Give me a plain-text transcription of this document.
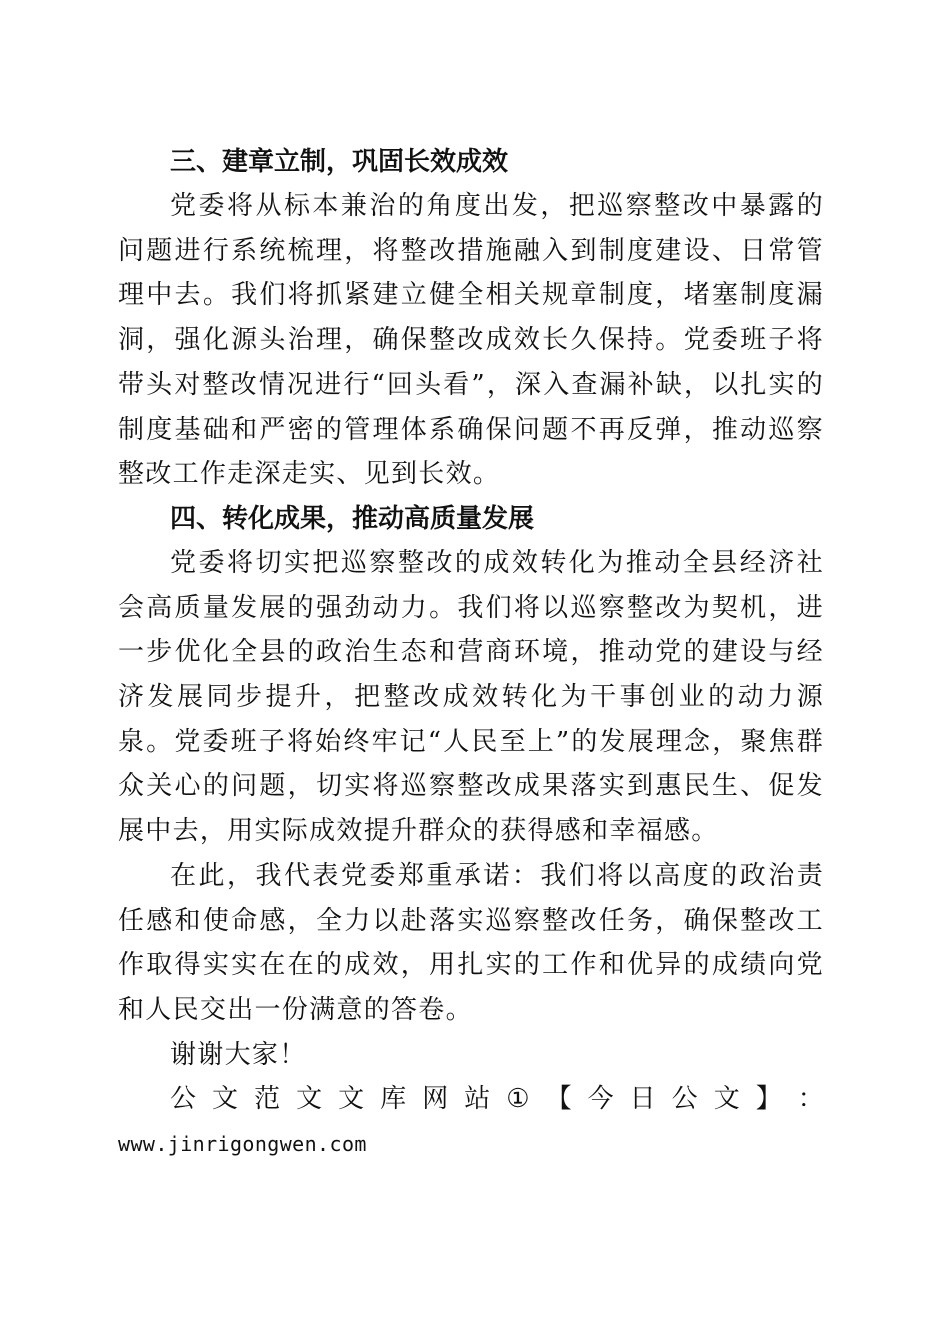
三、建章立制，巩固长效成效

党委将从标本兼治的角度出发，把巡察整改中暴露的问题进行系统梳理，将整改措施融入到制度建设、日常管理中去。我们将抓紧建立健全相关规章制度，堵塞制度漏洞，强化源头治理，确保整改成效长久保持。党委班子将带头对整改情况进行“回头看”，深入查漏补缺，以扎实的制度基础和严密的管理体系确保问题不再反弹，推动巡察整改工作走深走实、见到长效。

四、转化成果，推动高质量发展

党委将切实把巡察整改的成效转化为推动全县经济社会高质量发展的强劲动力。我们将以巡察整改为契机，进一步优化全县的政治生态和营商环境，推动党的建设与经济发展同步提升，把整改成效转化为干事创业的动力源泉。党委班子将始终牢记“人民至上”的发展理念，聚焦群众关心的问题，切实将巡察整改成果落实到惠民生、促发展中去，用实际成效提升群众的获得感和幸福感。

在此，我代表党委郑重承诺：我们将以高度的政治责任感和使命感，全力以赴落实巡察整改任务，确保整改工作取得实实在在的成效，用扎实的工作和优异的成绩向党和人民交出一份满意的答卷。

谢谢大家！

公 文 范 文 文 库 网 站 ① 【 今 日 公 文 】 ：

www.jinrigongwen.com
